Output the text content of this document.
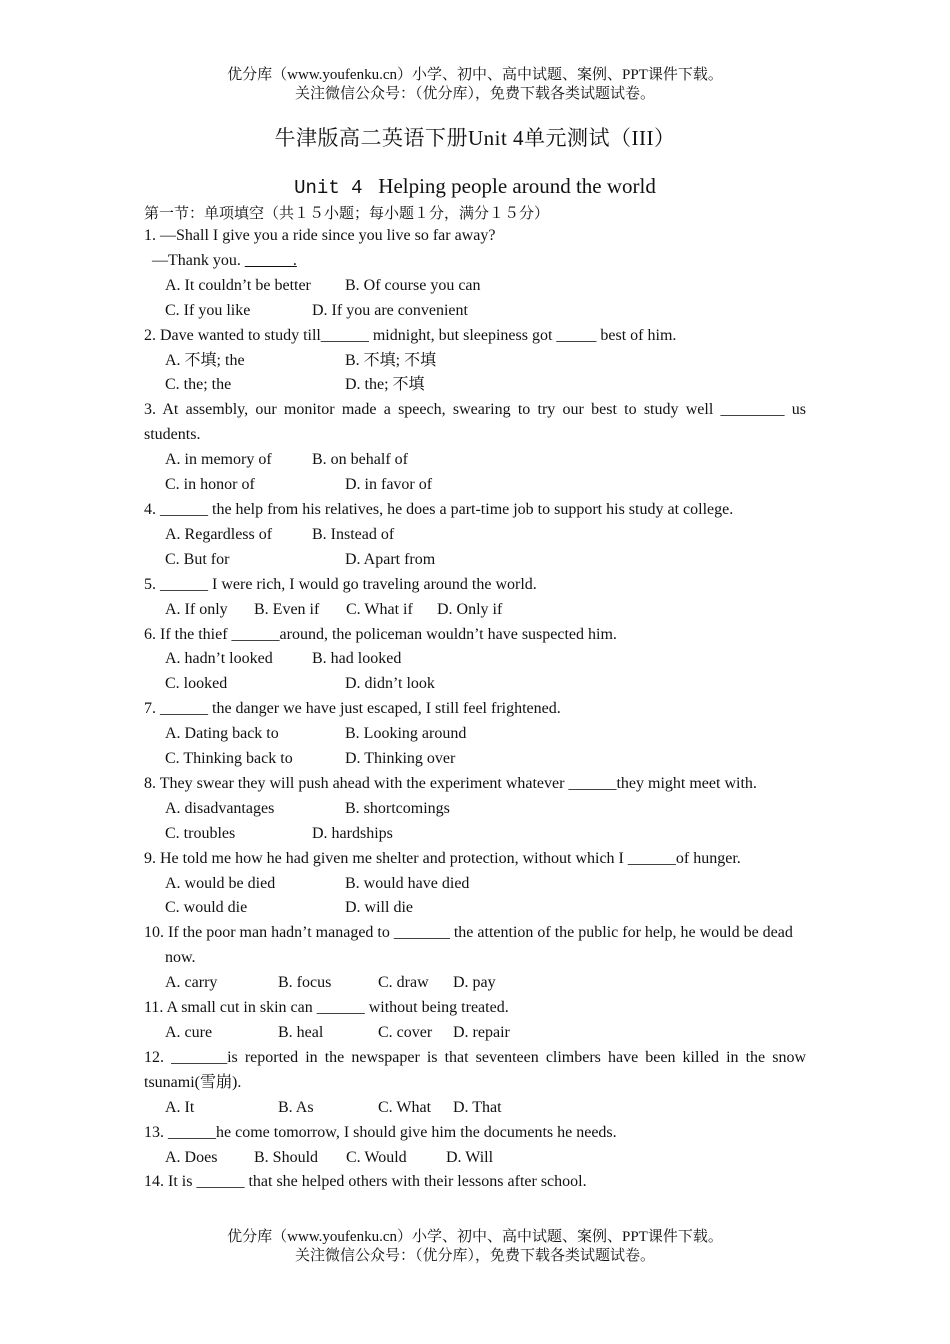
优分库（www.youfenku.cn）小学、初中、高中试题、案例、PPT课件下载。
关注微信公众号：（优分库），免费下载各类试题试卷。
牛津版高二英语下册Unit 4单元测试（III）
Unit 4 Helping people around the world
第一节：单项填空（共１５小题；每小题１分，满分１５分）

1. —Shall I give you a ride since you live so far away?

—Thank you. ______.

A. It couldn’t be better	B. Of course you can
C. If you like	D. If you are convenient

2. Dave wanted to study till______ midnight, but sleepiness got _____ best of him.

A. 不填; the	B. 不填; 不填
C. the; the	D. the; 不填

3. At assembly, our monitor made a speech, swearing to try our best to study well ________ us students.

A. in memory of	B. on behalf of
C. in honor of	D. in favor of

4. ______ the help from his relatives, he does a part-time job to support his study at college.

A. Regardless of	B. Instead of
C. But for	D. Apart from

5. ______ I were rich, I would go traveling around the world.

A. If only	B. Even if	C. What if	D. Only if

6. If the thief ______around, the policeman wouldn’t have suspected him.

A. hadn’t looked	B. had looked
C. looked	D. didn’t look

7. ______ the danger we have just escaped, I still feel frightened.

A. Dating back to	B. Looking around
C. Thinking back to	D. Thinking over

8. They swear they will push ahead with the experiment whatever ______they might meet with.

A. disadvantages	B. shortcomings
C. troubles	D. hardships

9. He told me how he had given me shelter and protection, without which I ______of hunger.

A. would be died	B. would have died
C. would die	D. will die

10. If the poor man hadn’t managed to _______ the attention of the public for help, he would be dead

now.

A. carry	B. focus	C. draw	D. pay

11. A small cut in skin can ______ without being treated.

A. cure	B. heal	C. cover	D. repair

12. _______is reported in the newspaper is that seventeen climbers have been killed in the snow tsunami(雪崩).

A. It	B. As	C. What	D. That

13. ______he come tomorrow, I should give him the documents he needs.

A. Does	B. Should	C. Would	D. Will

14. It is ______ that she helped others with their lessons after school.

优分库（www.youfenku.cn）小学、初中、高中试题、案例、PPT课件下载。
关注微信公众号：（优分库），免费下载各类试题试卷。
